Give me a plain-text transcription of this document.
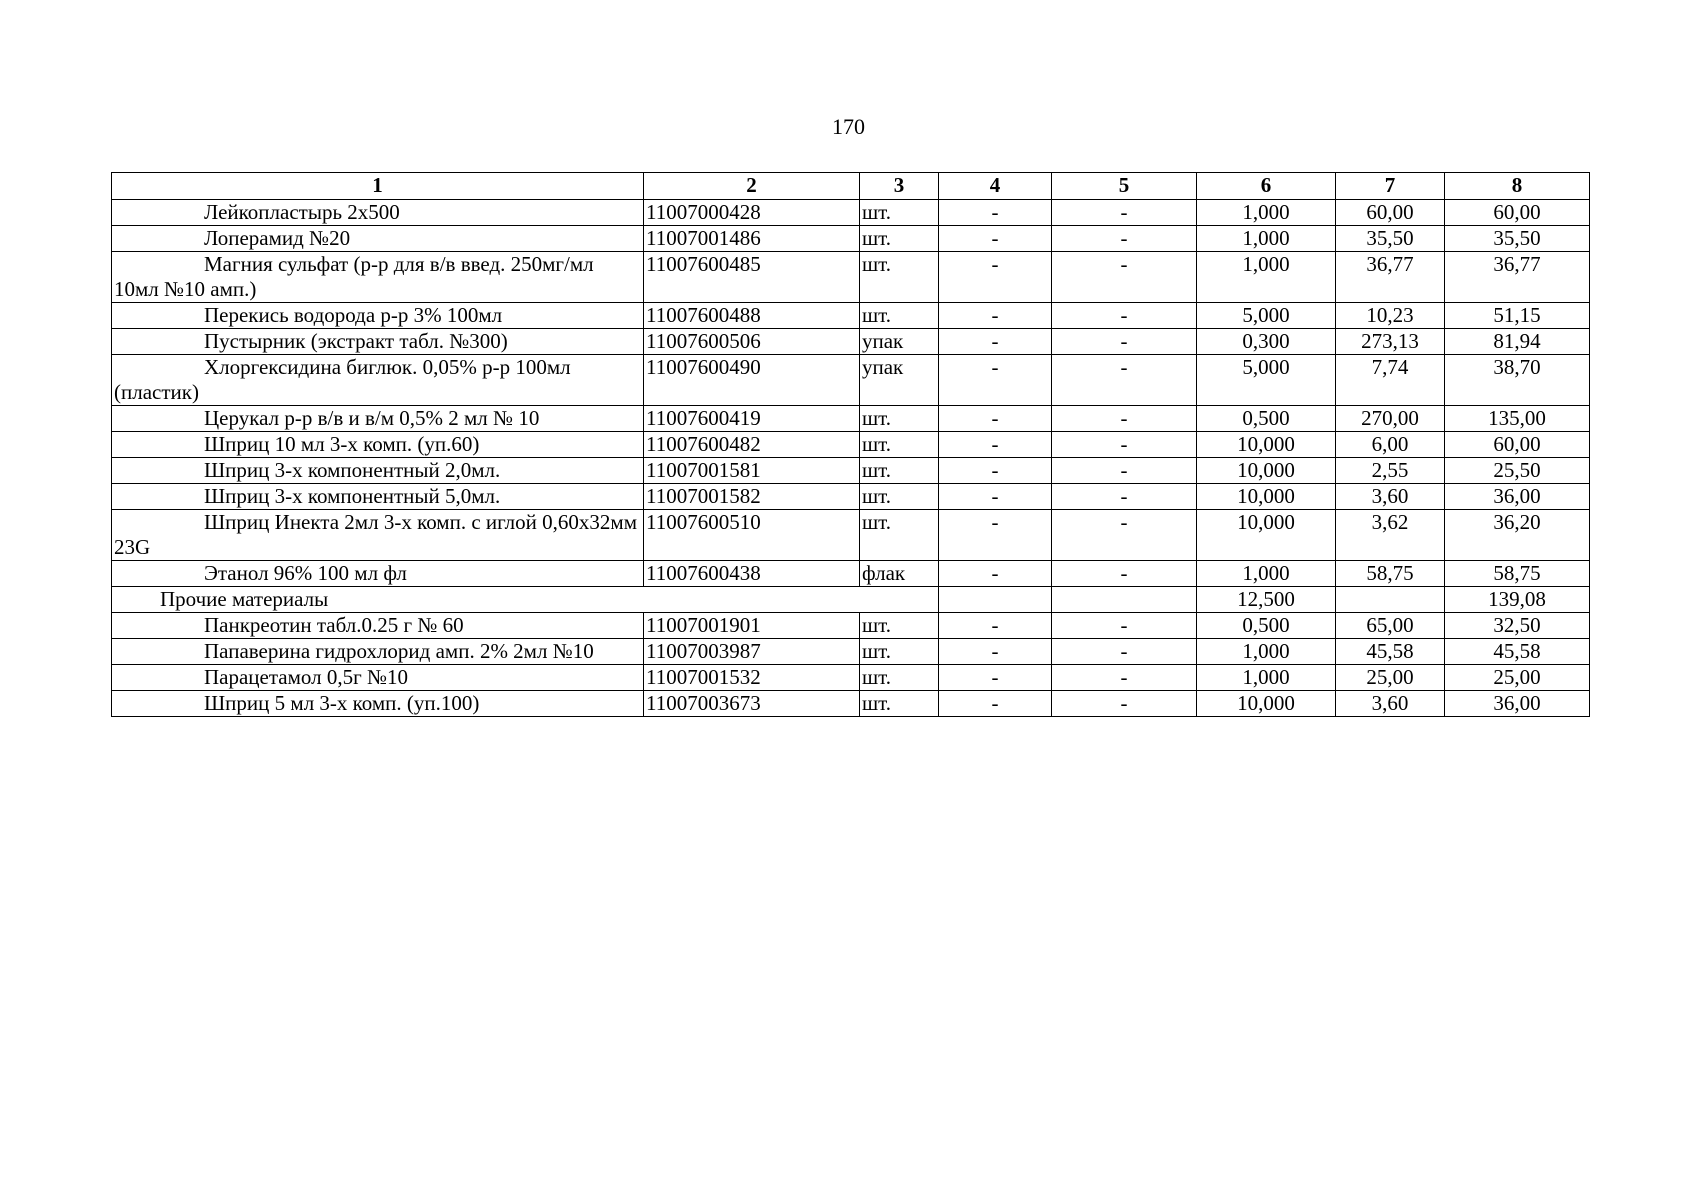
170
1	2	3	4	5	6	7	8

Лейкопластырь 2х500	11007000428	шт.	-	-	1,000	60,00	60,00

Лоперамид №20	11007001486	шт.	-	-	1,000	35,50	35,50

Магния сульфат (р-р для в/в введ. 250мг/мл 10мл №10 амп.)	11007600485	шт.	-	-	1,000	36,77	36,77

Перекись водорода р-р 3% 100мл	11007600488	шт.	-	-	5,000	10,23	51,15

Пустырник (экстракт табл. №300)	11007600506	упак	-	-	0,300	273,13	81,94

Хлоргексидина биглюк. 0,05% р-р 100мл (пластик)	11007600490	упак	-	-	5,000	7,74	38,70

Церукал р-р в/в и в/м 0,5% 2 мл № 10	11007600419	шт.	-	-	0,500	270,00	135,00

Шприц 10 мл 3-х комп. (уп.60)	11007600482	шт.	-	-	10,000	6,00	60,00

Шприц 3-х компонентный 2,0мл.	11007001581	шт.	-	-	10,000	2,55	25,50

Шприц 3-х компонентный 5,0мл.	11007001582	шт.	-	-	10,000	3,60	36,00

Шприц Инекта 2мл 3-х комп. с иглой 0,60х32мм 23G	11007600510	шт.	-	-	10,000	3,62	36,20

Этанол 96% 100 мл фл	11007600438	флак	-	-	1,000	58,75	58,75

Прочие материалы					12,500		139,08

Панкреотин табл.0.25 г № 60	11007001901	шт.	-	-	0,500	65,00	32,50

Папаверина гидрохлорид амп. 2% 2мл №10	11007003987	шт.	-	-	1,000	45,58	45,58

Парацетамол 0,5г №10	11007001532	шт.	-	-	1,000	25,00	25,00

Шприц 5 мл 3-х комп. (уп.100)	11007003673	шт.	-	-	10,000	3,60	36,00
